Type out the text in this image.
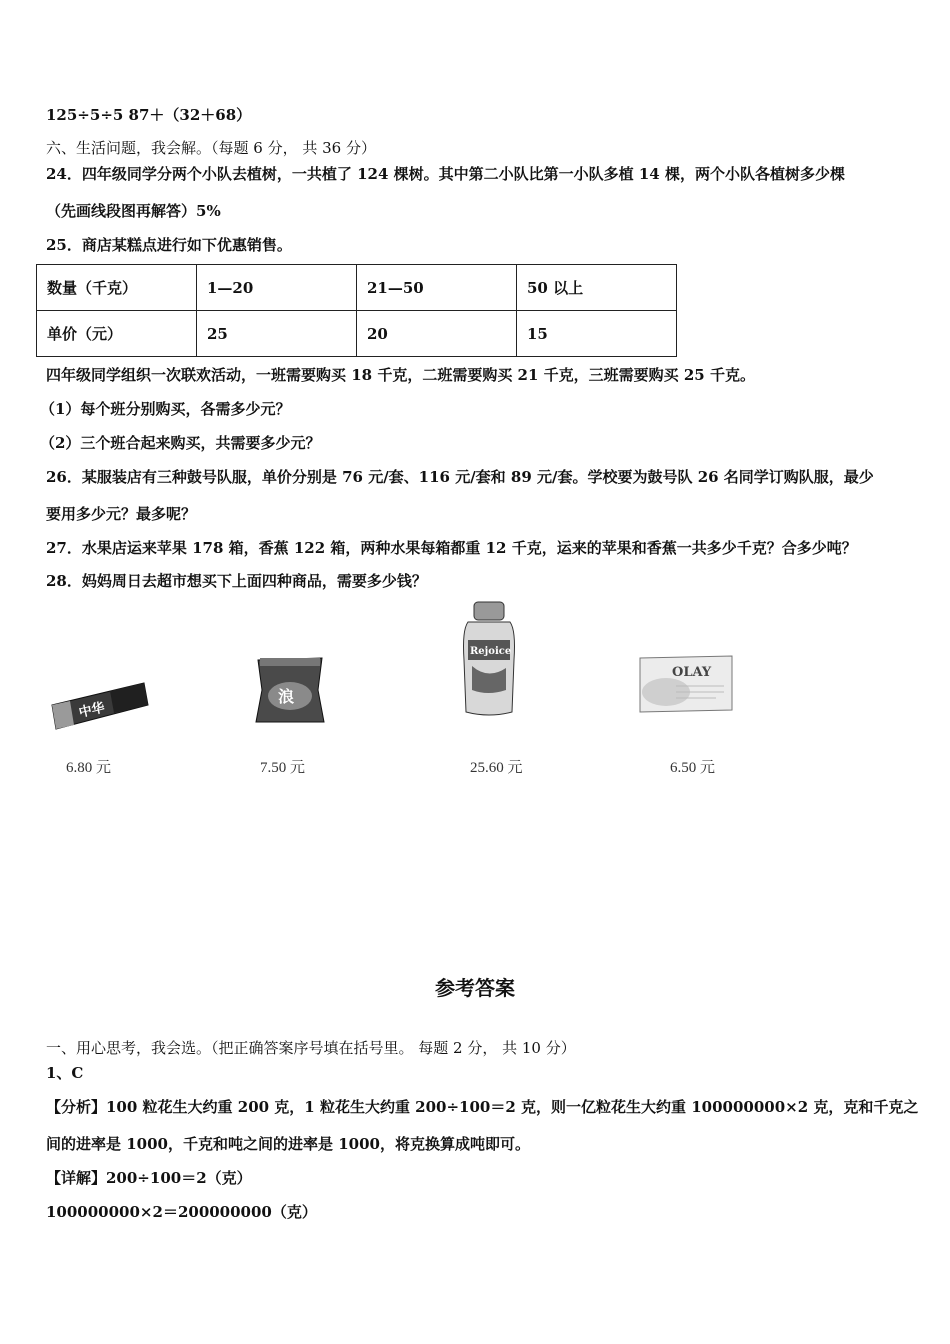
125÷5÷5 87＋（32＋68）
六、生活问题，我会解。（每题 6 分， 共 36 分）
24．四年级同学分两个小队去植树，一共植了 124 棵树。其中第二小队比第一小队多植 14 棵，两个小队各植树多少棵
（先画线段图再解答）5%
25．商店某糕点进行如下优惠销售。
数量（千克）	1—20	21—50	50 以上
单价（元）	25	20	15
四年级同学组织一次联欢活动，一班需要购买 18 千克，二班需要购买 21 千克，三班需要购买 25 千克。
（1）每个班分别购买，各需多少元？
（2）三个班合起来购买，共需要多少元？
26．某服装店有三种鼓号队服，单价分别是 76 元/套、116 元/套和 89 元/套。学校要为鼓号队 26 名同学订购队服，最少
要用多少元？最多呢？
27．水果店运来苹果 178 箱，香蕉 122 箱，两种水果每箱都重 12 千克，运来的苹果和香蕉一共多少千克？合多少吨？
28．妈妈周日去超市想买下上面四种商品，需要多少钱？
中华
6.80 元
浪
7.50 元
Rejoice
25.60 元
OLAY
6.50 元
参考答案
一、用心思考，我会选。（把正确答案序号填在括号里。 每题 2 分， 共 10 分）
1、C
【分析】100 粒花生大约重 200 克，1 粒花生大约重 200÷100＝2 克，则一亿粒花生大约重 100000000×2 克，克和千克之
间的进率是 1000，千克和吨之间的进率是 1000，将克换算成吨即可。
【详解】200÷100＝2（克）
100000000×2＝200000000（克）
